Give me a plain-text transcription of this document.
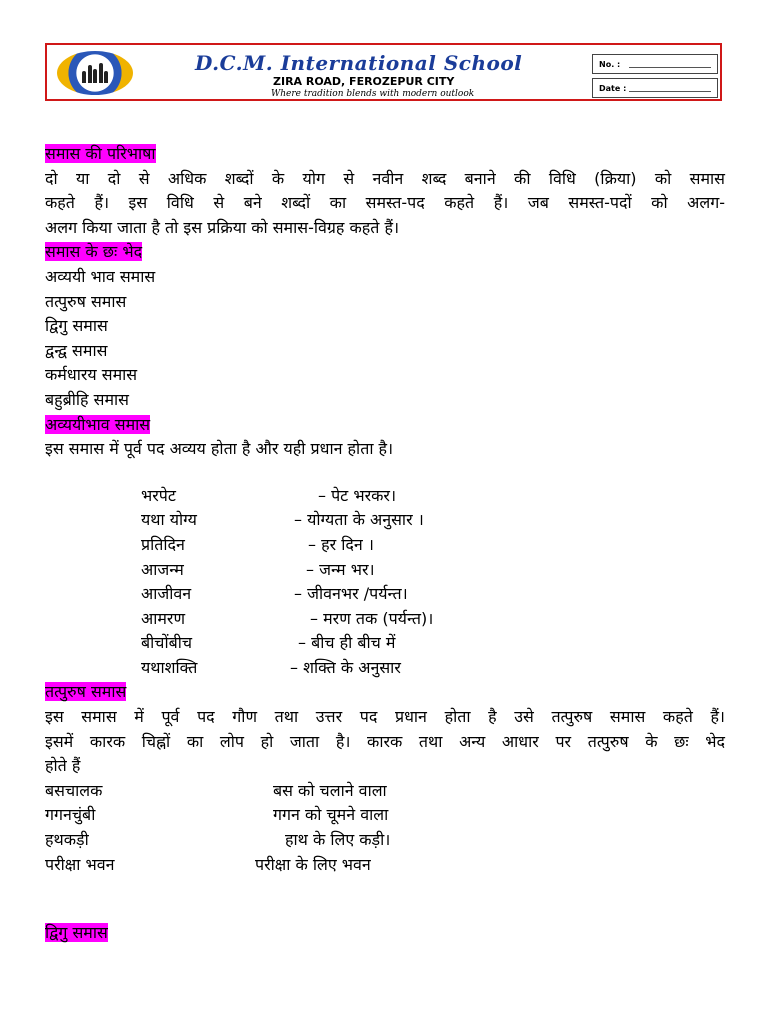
D.C.M. International School
ZIRA ROAD, FEROZEPUR CITY
Where tradition blends with modern outlook
No. :
Date :
समास की परिभाषा
दो या दो से अधिक शब्दों के योग से नवीन शब्द बनाने की विधि (क्रिया) को समास
कहते हैं। इस विधि से बने शब्दों का समस्त-पद कहते हैं। जब समस्त-पदों को अलग-
अलग किया जाता है तो इस प्रक्रिया को समास-विग्रह कहते हैं।
समास के छः भेद
अव्ययी भाव समास
तत्पुरुष समास
द्विगु समास
द्वन्द्व समास
कर्मधारय समास
बहुब्रीहि समास
अव्ययीभाव समास
इस समास में पूर्व पद अव्यय होता है और यही प्रधान होता है।
भरपेट	– पेट भरकर।
यथा योग्य	– योग्यता के अनुसार ।
प्रतिदिन	– हर दिन ।
आजन्म	– जन्म भर।
आजीवन	– जीवनभर /पर्यन्त।
आमरण	– मरण तक (पर्यन्त)।
बीचोंबीच	– बीच ही बीच में
यथाशक्ति	– शक्ति के अनुसार
तत्पुरुष समास
इस समास में पूर्व पद गौण तथा उत्तर पद प्रधान होता है उसे तत्पुरुष समास कहते हैं।
इसमें कारक चिह्नों का लोप हो जाता है। कारक तथा अन्य आधार पर तत्पुरुष के छः भेद
होते हैं
बसचालक	बस को चलाने वाला
गगनचुंबी	गगन को चूमने वाला
हथकड़ी	हाथ के लिए कड़ी।
परीक्षा भवन	परीक्षा के लिए भवन
द्विगु समास
